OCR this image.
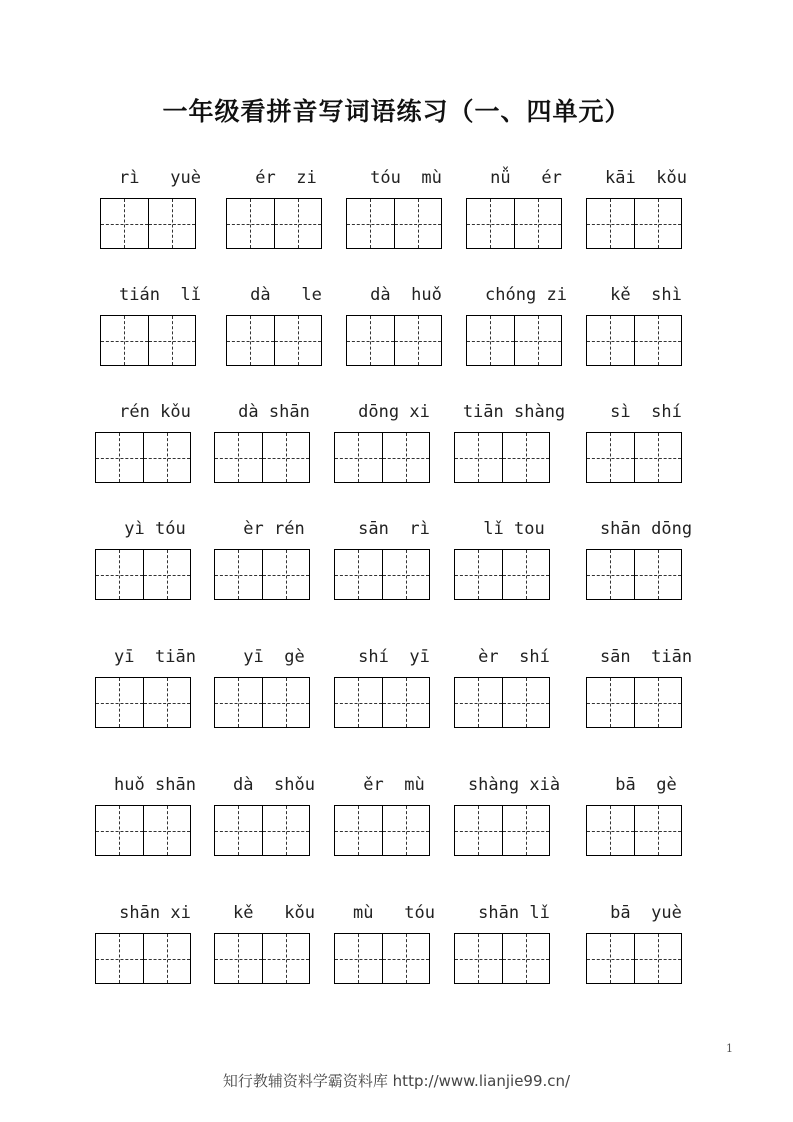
一年级看拼音写词语练习（一、四单元）
rì   yuè	ér  zi	tóu  mù	nǚ   ér	kāi  kǒu
tián  lǐ	dà   le	dà  huǒ	chóng zi	kě  shì
rén kǒu	dà shān	dōng xi	tiān shàng	sì  shí
yì tóu	èr rén	sān  rì	lǐ tou	shān dōng
yī  tiān	yī  gè	shí  yī	èr  shí	sān  tiān
huǒ shān	dà  shǒu	ěr  mù	shàng xià	bā  gè
shān xi	kě   kǒu	mù   tóu	shān lǐ	bā  yuè
1
知行教辅资料学霸资料库 http://www.lianjie99.cn/
